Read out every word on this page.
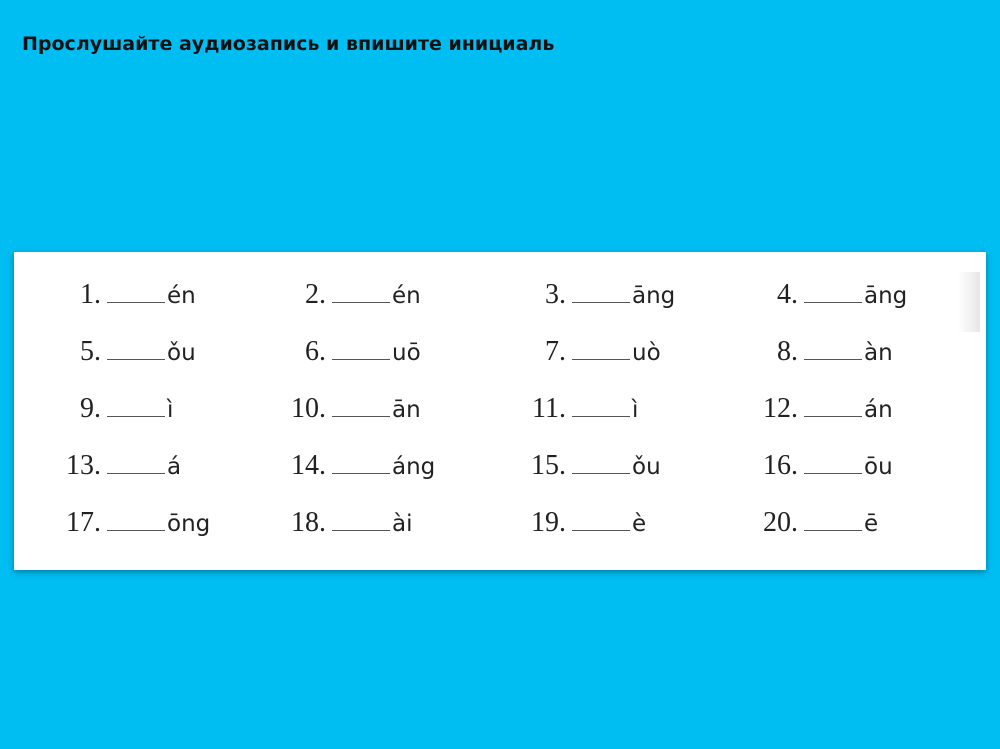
Прослушайте аудиозапись и впишите инициаль
1 .	én	2 .	én	3 .	āng	4 .	āng
5 .	ǒu	6 .	uō	7 .	uò	8 .	àn
9 .	ì	10 .	ān	11 .	ì	12 .	án
13 .	á	14 .	áng	15 .	ǒu	16 .	ōu
17 .	ōng	18 .	ài	19 .	è	20 .	ē
